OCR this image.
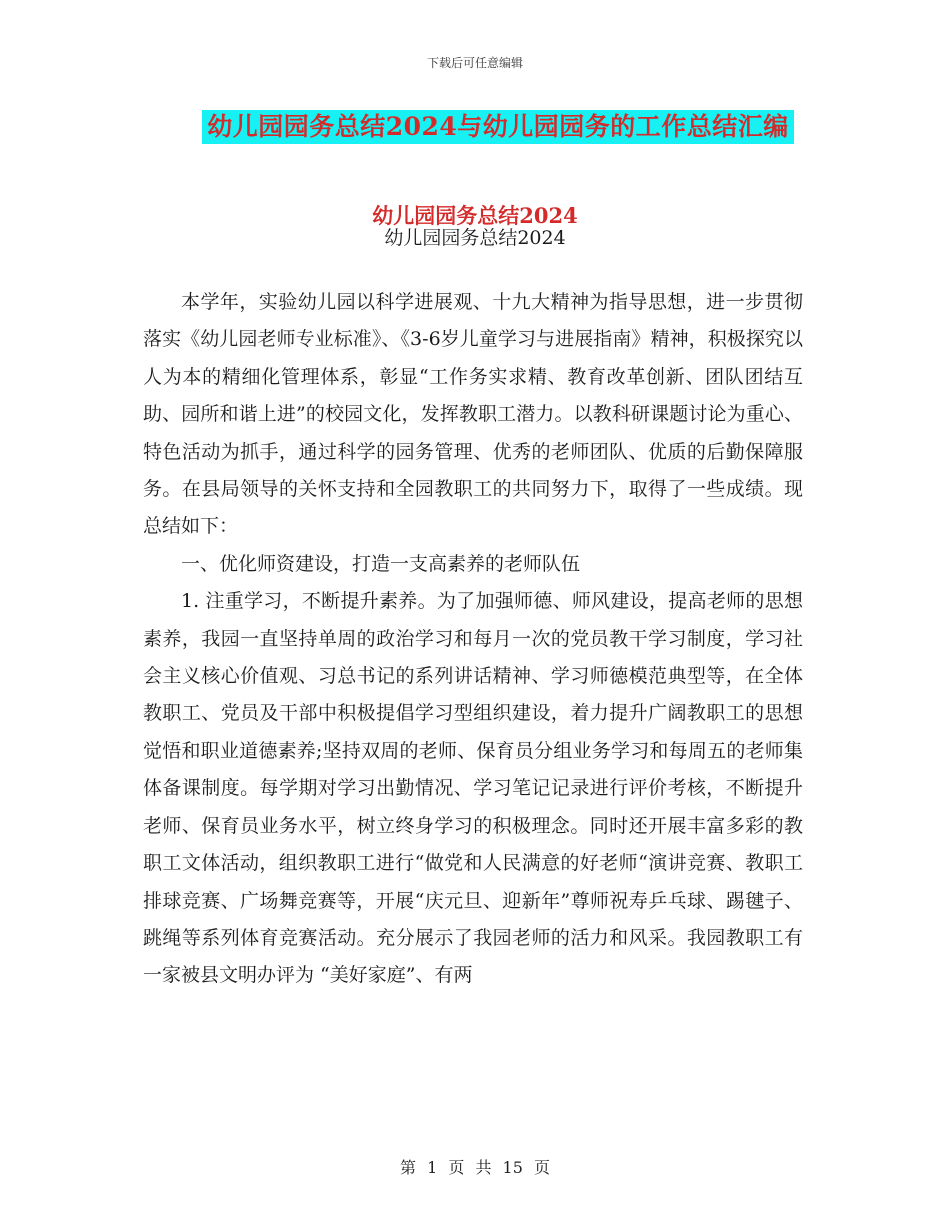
下载后可任意编辑
幼儿园园务总结2024与幼儿园园务的工作总结汇编
幼儿园园务总结2024
幼儿园园务总结2024

本学年，实验幼儿园以科学进展观、十九大精神为指导思想，进一步贯彻落实《幼儿园老师专业标准》、《3-6岁儿童学习与进展指南》精神，积极探究以人为本的精细化管理体系，彰显“工作务实求精、教育改革创新、团队团结互助、园所和谐上进”的校园文化，发挥教职工潜力。以教科研课题讨论为重心、特色活动为抓手，通过科学的园务管理、优秀的老师团队、优质的后勤保障服务。在县局领导的关怀支持和全园教职工的共同努力下，取得了一些成绩。现总结如下：

一、优化师资建设，打造一支高素养的老师队伍

1. 注重学习，不断提升素养。为了加强师德、师风建设，提高老师的思想素养，我园一直坚持单周的政治学习和每月一次的党员教干学习制度，学习社会主义核心价值观、习总书记的系列讲话精神、学习师德模范典型等，在全体教职工、党员及干部中积极提倡学习型组织建设，着力提升广阔教职工的思想觉悟和职业道德素养;坚持双周的老师、保育员分组业务学习和每周五的老师集体备课制度。每学期对学习出勤情况、学习笔记记录进行评价考核，不断提升老师、保育员业务水平，树立终身学习的积极理念。同时还开展丰富多彩的教职工文体活动，组织教职工进行“做党和人民满意的好老师“演讲竞赛、教职工排球竞赛、广场舞竞赛等，开展“庆元旦、迎新年”尊师祝寿乒乓球、踢毽子、跳绳等系列体育竞赛活动。充分展示了我园老师的活力和风采。我园教职工有一家被县文明办评为 “美好家庭”、有两

第 1 页 共 15 页
